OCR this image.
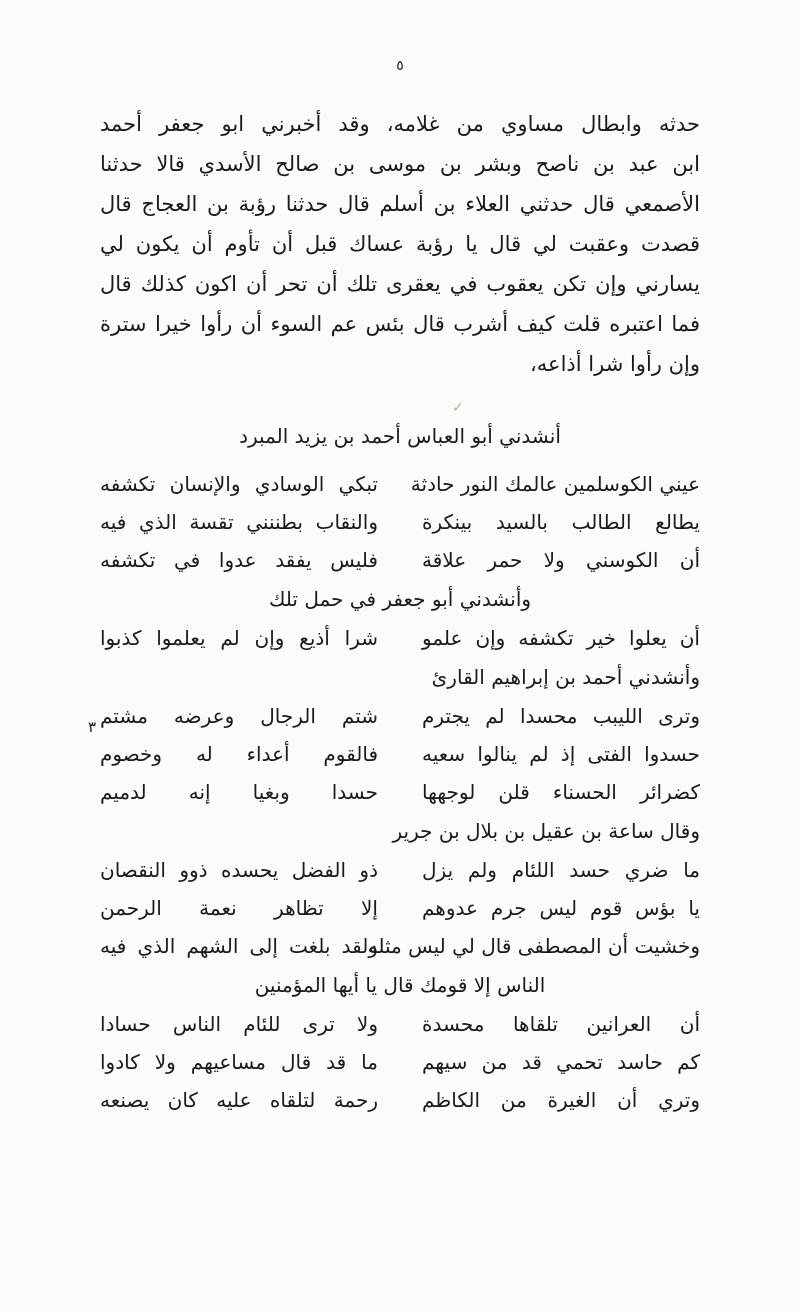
٥
٣
✓
حدثه وابطال مساوي من غلامه، وقد أخبرني ابو جعفر أحمد
ابن عبد بن ناصح وبشر بن موسى بن صالح الأسدي قالا حدثنا
الأصمعي قال حدثني العلاء بن أسلم قال حدثنا رؤبة بن العجاج قال
قصدت وعقبت لي قال يا رؤبة عساك قبل أن تأوم أن يكون لي
يسارني وإن تكن يعقوب في يعقرى تلك أن تحر أن اكون كذلك قال
فما اعتبره قلت كيف أشرب قال بئس عم السوء أن رأوا خيرا سترة
وإن رأوا شرا أذاعه،
أنشدني أبو العباس أحمد بن يزيد المبرد
عيني الكوسلمين عالمك النور حادثة
تبكي الوسادي والإنسان تكشفه
يطالع الطالب بالسيد بينكرة
والنقاب بطننني تقسة الذي فيه
أن الكوسني ولا حمر علاقة
فليس يفقد عدوا في تكشفه
وأنشدني أبو جعفر في حمل تلك
أن يعلوا خير تكشفه وإن علمو
شرا أذيع وإن لم يعلموا كذبوا
وأنشدني أحمد بن إبراهيم القارئ
وترى الليبب محسدا لم يجترم
شتم الرجال وعرضه مشتم
حسدوا الفتى إذ لم ينالوا سعيه
فالقوم أعداء له وخصوم
كضرائر الحسناء قلن لوجهها
حسدا وبغيا إنه لدميم
وقال ساعة بن عقيل بن بلال بن جرير
ما ضري حسد اللئام ولم يزل
ذو الفضل يحسده ذوو النقصان
يا بؤس قوم ليس جرم عدوهم
إلا تظاهر نعمة الرحمن
وخشيت أن المصطفى قال لي ليس مثله
ولقد بلغت إلى الشهم الذي فيه
الناس إلا قومك قال يا أيها المؤمنين
أن العرانين تلقاها محسدة
ولا ترى للئام الناس حسادا
كم حاسد تحمي قد من سيهم
ما قد قال مساعيهم ولا كادوا
وتري أن الغيرة من الكاظم
رحمة لتلقاه عليه كان يصنعه
